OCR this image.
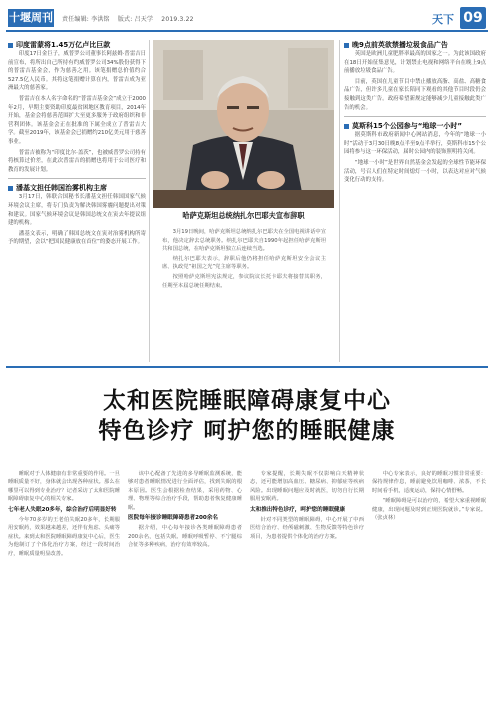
十堰周刊 责任编辑: 李洪铭 版式: 吕天学 2019.3.22	天下 09
印度雷蒙将1.45万亿卢比巨款

印度17日金巨子，威普罗公司董事长阿兹姆·普雷吉日前宣布，将所出自己所持有约威普罗公司34%股份获得下的普雷吉基金会，作为慈善之用。该笔捐赠总价值约合527.5亿人民币。其将这笔捐赠计算在内，普雷吉成为亚洲最大的慈善家。

普雷吉在本人名字命名的“普雷吉基金会”成立于2000年2月，早期主要资助印度最贫困地区教育项目，2014年开始，基金会将慈善范围扩大至更多服务于政府组织和非营利团体。该基金会正在批准的下属全成立了普雷吉大学。截至2019年，该基金会已捐赠约210亿美元用于慈善事业。

普雷吉被称为“印度比尔·盖茨”，也被威普罗公司持有将核算过价差，在此次普雷吉的捐赠也将用于公司医疗和教育的发展计划。

潘基文担任韩国治雾机构主席

3月17日，韩联合国秘书长潘基文担任韩国国家气候环境会议主席，将专门负责为解决韩国雾霾问题提出对策和建议。国家气候环境会议是韩国总统文在寅去年提议组建的机构。

潘基文表示，明确了韩国总统文在寅对治雾机构所寄予的期望，会以“把国民健康放在首位”的姿态开展工作。

哈萨克斯坦总统纳扎尔巴耶夫宣布辞职

3月19日晚间，哈萨克斯坦总统纳扎尔巴耶夫在全国电视讲话中宣布，他决定辞去总统职务。纳扎尔巴耶夫自1990年起担任哈萨克斯坦共和国总统，在哈萨克斯坦独立后连续当选。

纳扎尔巴耶夫表示，辞职后他仍将担任哈萨克斯坦安全会议主席、执政党“祖国之光”党主席等职务。

按照哈萨克斯坦宪法规定，参议院议长托卡耶夫将接替其职务，任期至本届总统任期结束。

晚9点前英欲禁播垃圾食品广告

英国是欧洲儿童肥胖率最高的国家之一。为此该国政府在18日开始征集意见，计划禁止电视和网络平台在晚上9点前播放垃圾食品广告。

目前，英国在儿童节目中禁止播放高脂、高盐、高糖食品广告，但许多儿童在家长陪同下观看的其他节目时段仍会接触到这类广告。政府希望新规定能够减少儿童接触此类广告的机会。

莫斯科15个公园参与“地球一小时”

据莫斯科市政府新闻中心网站消息，今年的“地球一小时”活动于3月30日晚8点半至9点半举行，莫斯科市15个公园将参与这一环保活动，届时公园内的装饰照明将关闭。

“地球一小时”是世界自然基金会发起的全球性节能环保活动，号召人们在特定时间熄灯一小时，以表达对应对气候变化行动的支持。

太和医院睡眠障碍康复中心
特色诊疗 呵护您的睡眠健康

睡眠对于人体健康有非常重要的作用。一旦睡眠质量不好，身体就会出现各种症状。那么在哪里可以得到专业治疗？记者采访了太和医院睡眠障碍康复中心的相关专家。

七年老人失眠20多年，综合治疗后明显好转

今年70多岁的王老伯失眠20多年，长期服用安眠药，效果越来越差，还伴有焦虑、头痛等症状。来到太和医院睡眠障碍康复中心后，医生为他制订了个体化治疗方案，经过一段时间治疗，睡眠质量明显改善。

该中心配备了先进的多导睡眠监测系统，能够对患者睡眠情况进行全面评估，找到失眠的根本原因。医生会根据检查结果，采用药物、心理、物理等综合治疗手段，帮助患者恢复健康睡眠。

医院每年接诊睡眠障碍患者200余名

据介绍，中心每年接诊各类睡眠障碍患者200余名，包括失眠、睡眠呼吸暂停、不宁腿综合征等多种疾病，治疗有效率较高。

专家提醒，长期失眠不仅影响白天精神状态，还可能增加高血压、糖尿病、抑郁症等疾病风险。出现睡眠问题应及时就医，切勿自行长期服用安眠药。

太和推出特色诊疗，呵护您的睡眠健康

针对不同类型的睡眠障碍，中心开展了中西医结合治疗、经颅磁刺激、生物反馈等特色诊疗项目，为患者提供个体化的治疗方案。

中心专家表示，良好的睡眠习惯非常重要：保持规律作息，睡前避免饮用咖啡、浓茶，不长时间看手机，适度运动，保持心情舒畅。

“睡眠障碍是可以治疗的，希望大家重视睡眠健康，出现问题及时到正规医院就诊。”专家说。（张贞林）
